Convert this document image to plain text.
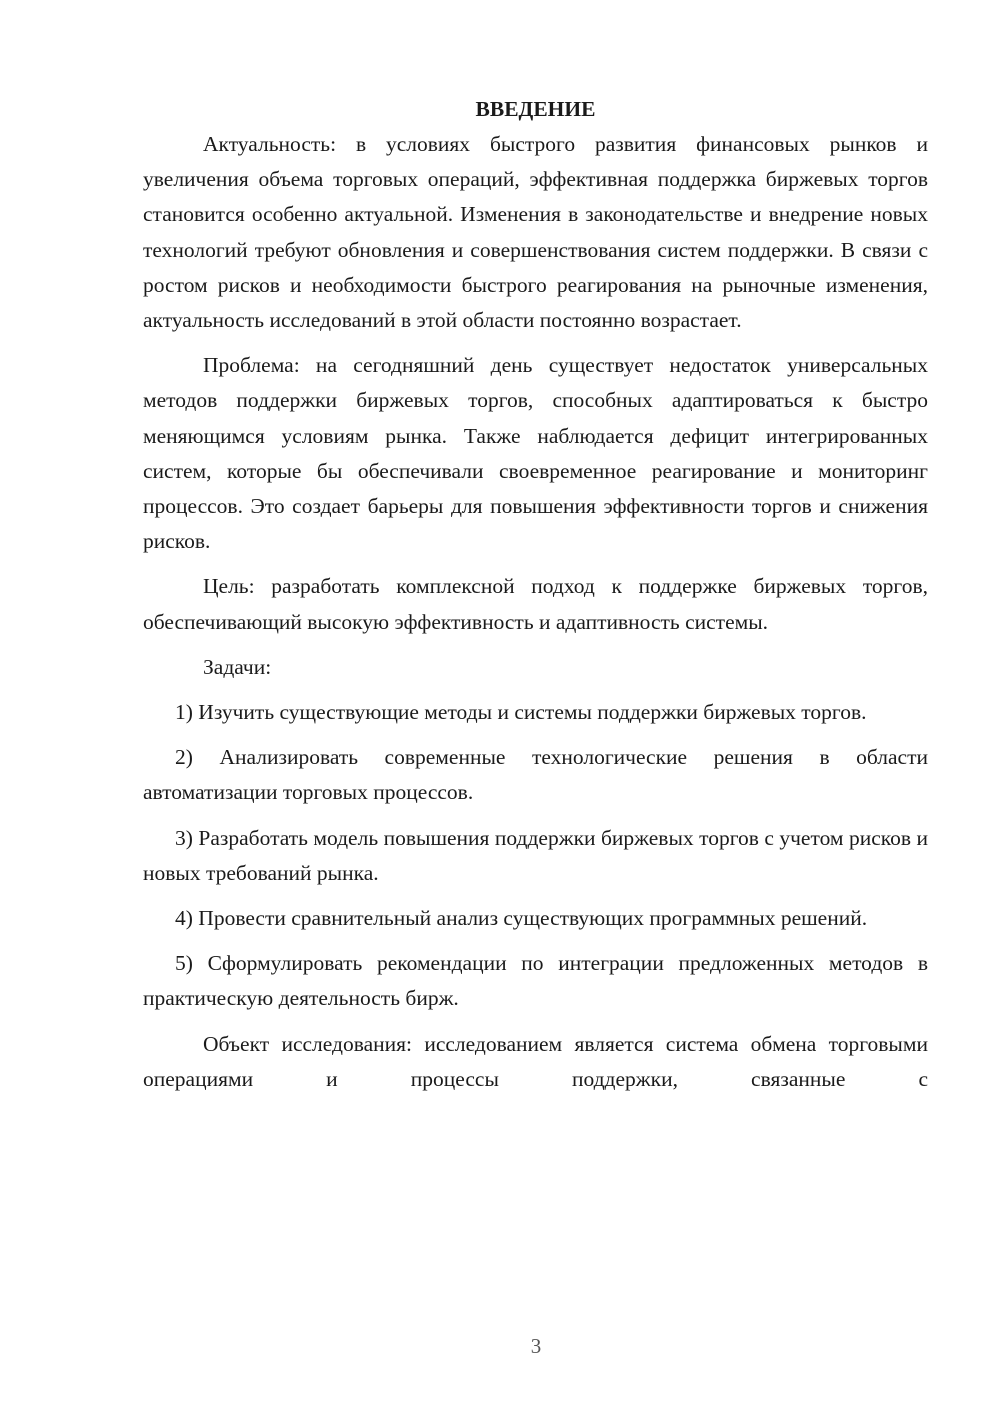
ВВЕДЕНИЕ

Актуальность: в условиях быстрого развития финансовых рынков и увеличения объема торговых операций, эффективная поддержка биржевых торгов становится особенно актуальной. Изменения в законодательстве и внедрение новых технологий требуют обновления и совершенствования систем поддержки. В связи с ростом рисков и необходимости быстрого реагирования на рыночные изменения, актуальность исследований в этой области постоянно возрастает.

Проблема: на сегодняшний день существует недостаток универсальных методов поддержки биржевых торгов, способных адаптироваться к быстро меняющимся условиям рынка. Также наблюдается дефицит интегрированных систем, которые бы обеспечивали своевременное реагирование и мониторинг процессов. Это создает барьеры для повышения эффективности торгов и снижения рисков.

Цель: разработать комплексной подход к поддержке биржевых торгов, обеспечивающий высокую эффективность и адаптивность системы.

Задачи:

1) Изучить существующие методы и системы поддержки биржевых торгов.

2) Анализировать современные технологические решения в области автоматизации торговых процессов.

3) Разработать модель повышения поддержки биржевых торгов с учетом рисков и новых требований рынка.

4) Провести сравнительный анализ существующих программных решений.

5) Сформулировать рекомендации по интеграции предложенных методов в практическую деятельность бирж.

Объект исследования: исследованием является система обмена торговыми операциями и процессы поддержки, связанные с

3
